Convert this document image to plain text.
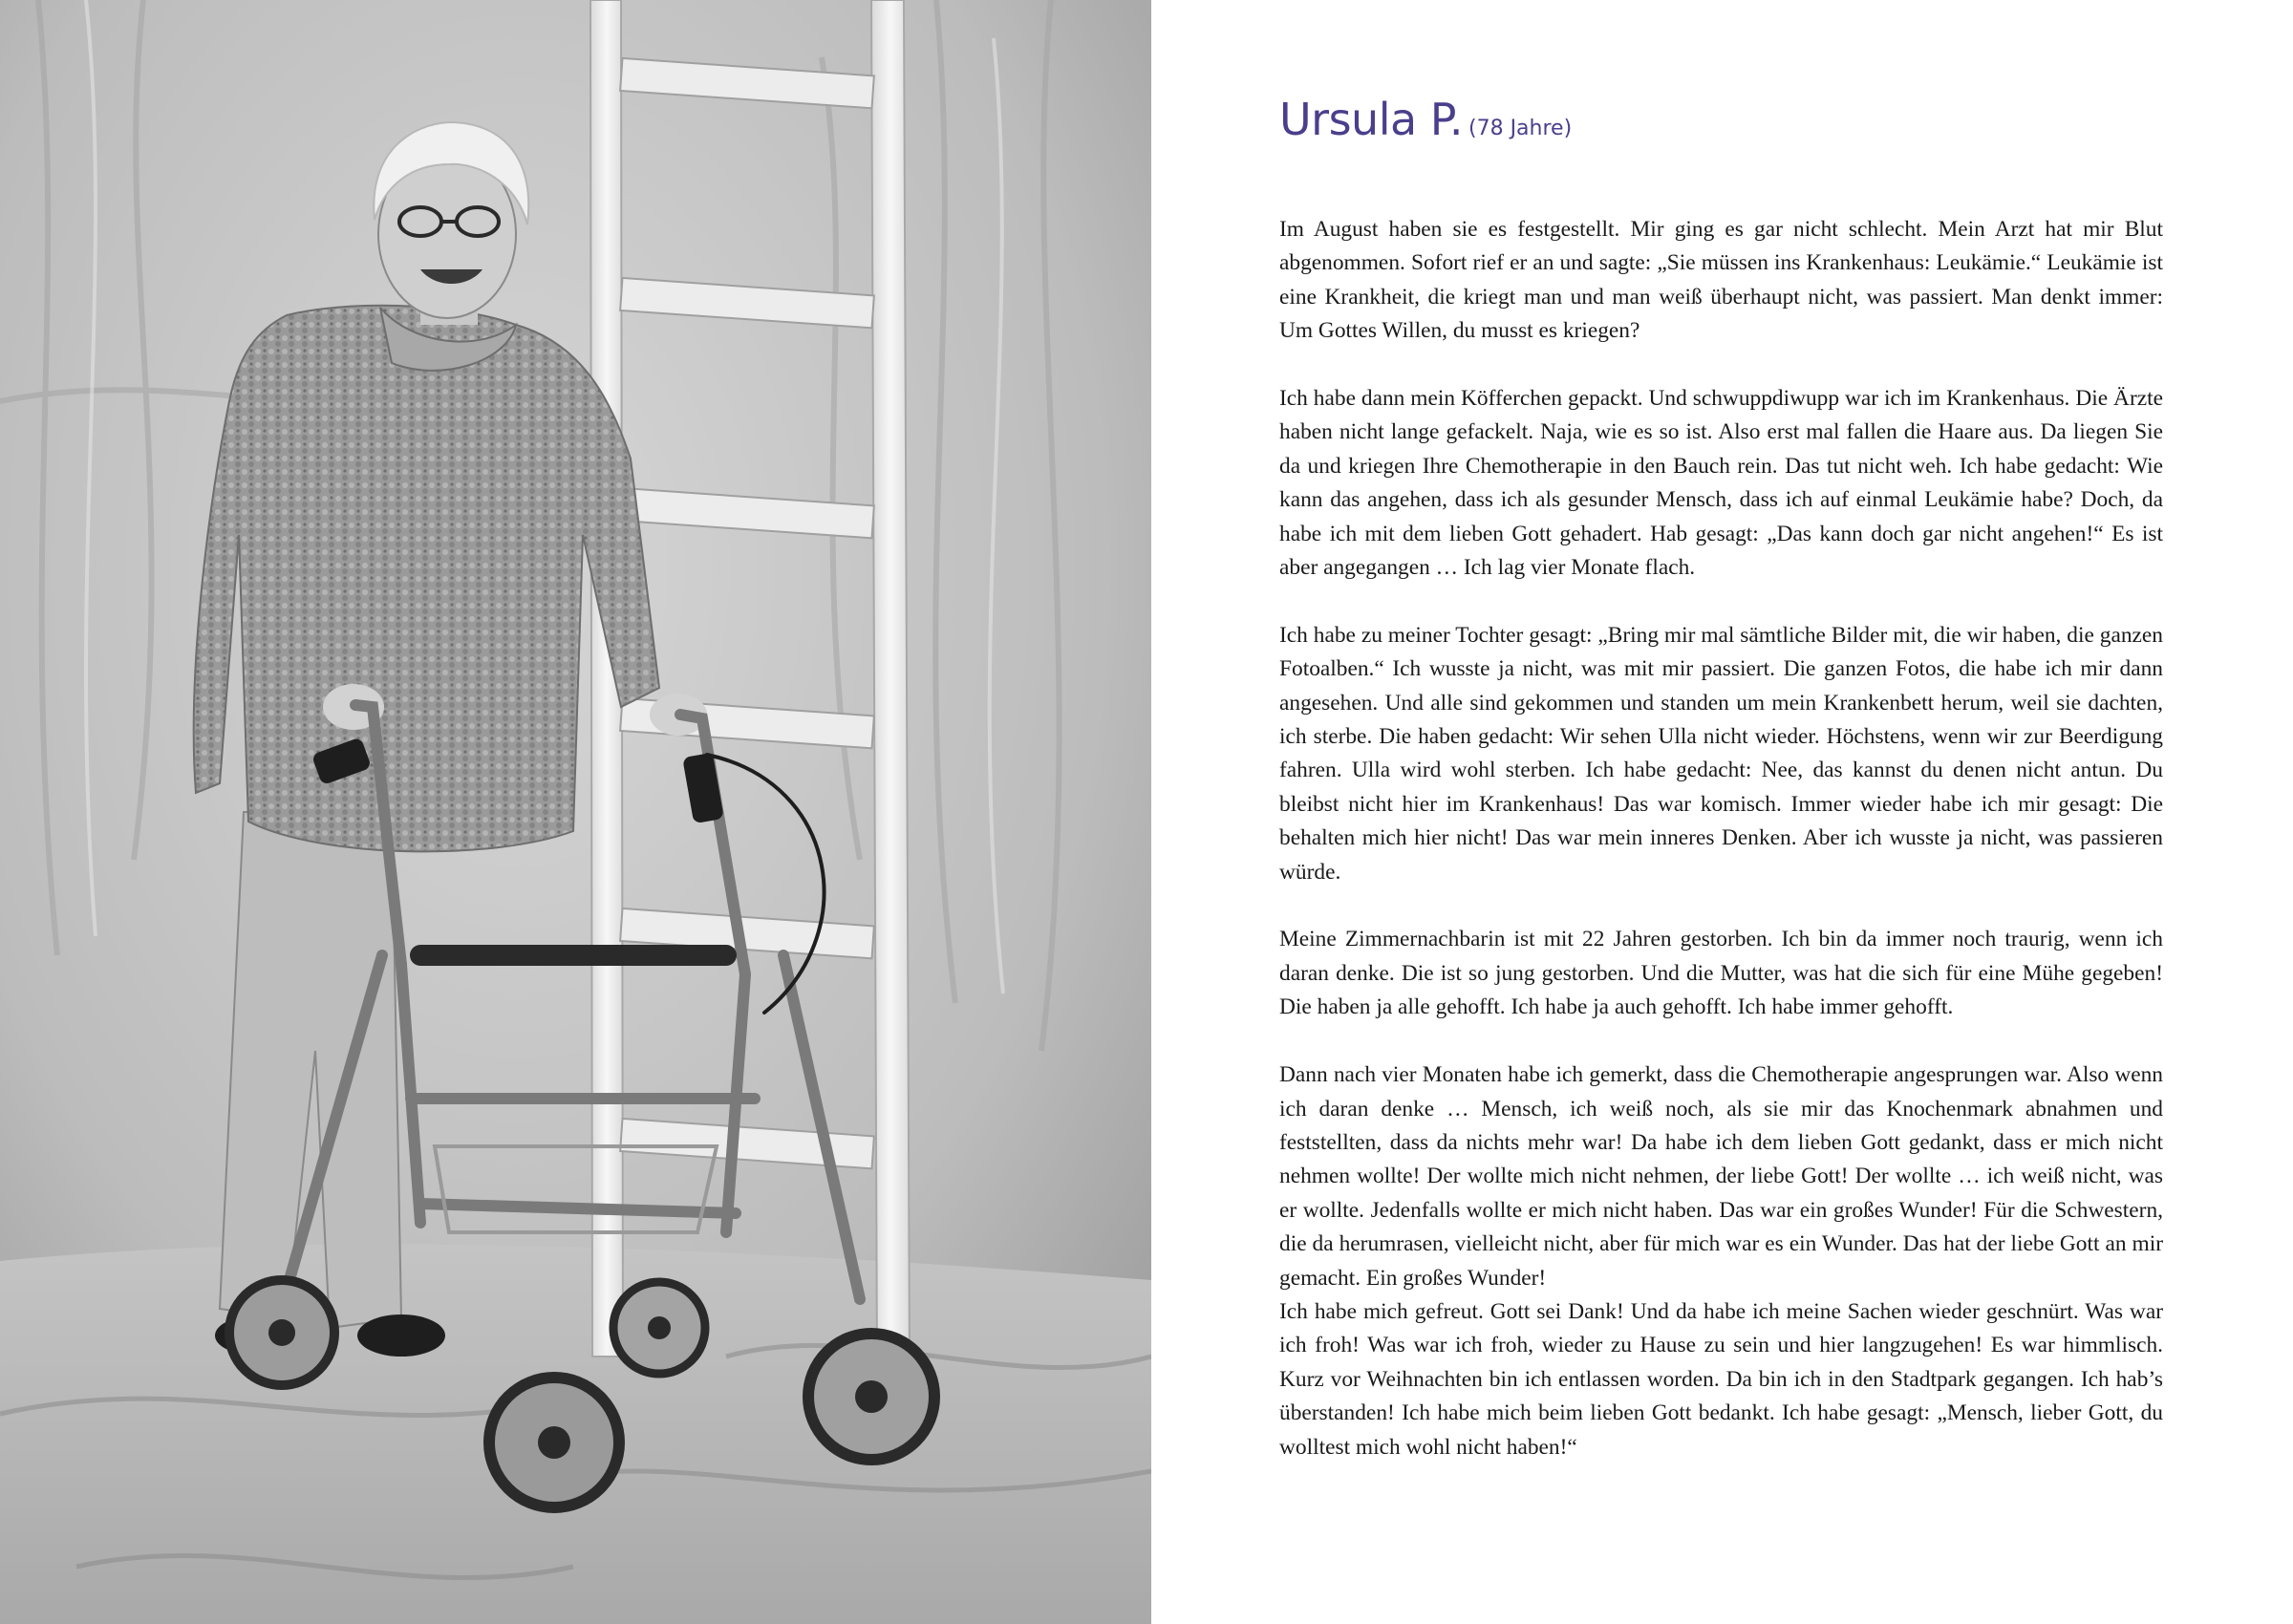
Ursula P. (78 Jahre)

Im August haben sie es festgestellt. Mir ging es gar nicht schlecht. Mein Arzt hat mir Blut abgenommen. Sofort rief er an und sagte: „Sie müssen ins Krankenhaus: Leukämie.“ Leukämie ist eine Krankheit, die kriegt man und man weiß überhaupt nicht, was passiert. Man denkt immer: Um Gottes Willen, du musst es kriegen?

Ich habe dann mein Köfferchen gepackt. Und schwuppdiwupp war ich im Krankenhaus. Die Ärzte haben nicht lange gefackelt. Naja, wie es so ist. Also erst mal fallen die Haare aus. Da liegen Sie da und kriegen Ihre Chemotherapie in den Bauch rein. Das tut nicht weh. Ich habe gedacht: Wie kann das angehen, dass ich als gesunder Mensch, dass ich auf einmal Leukämie habe? Doch, da habe ich mit dem lieben Gott gehadert. Hab gesagt: „Das kann doch gar nicht angehen!“ Es ist aber angegangen … Ich lag vier Monate flach.

Ich habe zu meiner Tochter gesagt: „Bring mir mal sämtliche Bilder mit, die wir haben, die ganzen Fotoalben.“ Ich wusste ja nicht, was mit mir passiert. Die ganzen Fotos, die habe ich mir dann angesehen. Und alle sind gekommen und standen um mein Krankenbett herum, weil sie dachten, ich sterbe. Die haben gedacht: Wir sehen Ulla nicht wieder. Höchstens, wenn wir zur Beerdigung fahren. Ulla wird wohl sterben. Ich habe gedacht: Nee, das kannst du denen nicht antun. Du bleibst nicht hier im Krankenhaus! Das war komisch. Immer wieder habe ich mir gesagt: Die behalten mich hier nicht! Das war mein inneres Denken. Aber ich wusste ja nicht, was passieren würde.

Meine Zimmernachbarin ist mit 22 Jahren gestorben. Ich bin da immer noch traurig, wenn ich daran denke. Die ist so jung gestorben. Und die Mutter, was hat die sich für eine Mühe gegeben! Die haben ja alle gehofft. Ich habe ja auch gehofft. Ich habe immer gehofft.

Dann nach vier Monaten habe ich gemerkt, dass die Chemotherapie angesprungen war. Also wenn ich daran denke … Mensch, ich weiß noch, als sie mir das Knochenmark abnahmen und feststellten, dass da nichts mehr war! Da habe ich dem lieben Gott gedankt, dass er mich nicht nehmen wollte! Der wollte mich nicht nehmen, der liebe Gott! Der wollte … ich weiß nicht, was er wollte. Jedenfalls wollte er mich nicht haben. Das war ein großes Wunder! Für die Schwestern, die da herumrasen, vielleicht nicht, aber für mich war es ein Wunder. Das hat der liebe Gott an mir gemacht. Ein großes Wunder!

Ich habe mich gefreut. Gott sei Dank! Und da habe ich meine Sachen wieder geschnürt. Was war ich froh! Was war ich froh, wieder zu Hause zu sein und hier langzugehen! Es war himmlisch. Kurz vor Weihnachten bin ich entlassen worden. Da bin ich in den Stadtpark gegangen. Ich hab’s überstanden! Ich habe mich beim lieben Gott bedankt. Ich habe gesagt: „Mensch, lieber Gott, du wolltest mich wohl nicht haben!“
